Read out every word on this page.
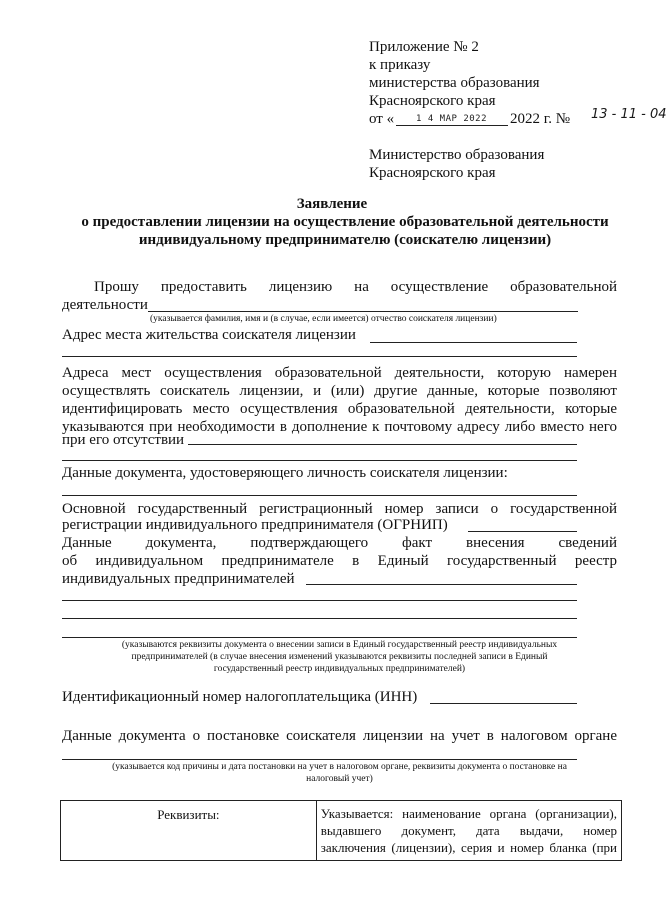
Приложение № 2
к приказу
министерства образования
Красноярского края
от « 1 4 МАР 2022 2022 г. № 13 - 11 - 04
Министерство образования
Красноярского края
Заявление
о предоставлении лицензии на осуществление образовательной деятельности
индивидуальному предпринимателю (соискателю лицензии)
Прошу предоставить лицензию на осуществление образовательной
деятельности
(указывается фамилия, имя и (в случае, если имеется) отчество соискателя лицензии)
Адрес места жительства соискателя лицензии
Адреса мест осуществления образовательной деятельности, которую намерен
осуществлять соискатель лицензии, и (или) другие данные, которые позволяют
идентифицировать место осуществления образовательной деятельности, которые
указываются при необходимости в дополнение к почтовому адресу либо вместо него
при его отсутствии
Данные документа, удостоверяющего личность соискателя лицензии:
Основной государственный регистрационный номер записи о государственной
регистрации индивидуального предпринимателя (ОГРНИП)
Данные документа, подтверждающего факт внесения сведений
об индивидуальном предпринимателе в Единый государственный реестр
индивидуальных предпринимателей
(указываются реквизиты документа о внесении записи в Единый государственный реестр индивидуальных
предпринимателей (в случае внесения изменений указываются реквизиты последней записи в Единый
государственный реестр индивидуальных предпринимателей)
Идентификационный номер налогоплательщика (ИНН)
Данные документа о постановке соискателя лицензии на учет в налоговом органе
(указывается код причины и дата постановки на учет в налоговом органе, реквизиты документа о постановке на
налоговый учет)
Реквизиты:	Указывается: наименование органа (организации),
выдавшего документ, дата выдачи, номер
заключения (лицензии), серия и номер бланка (при
